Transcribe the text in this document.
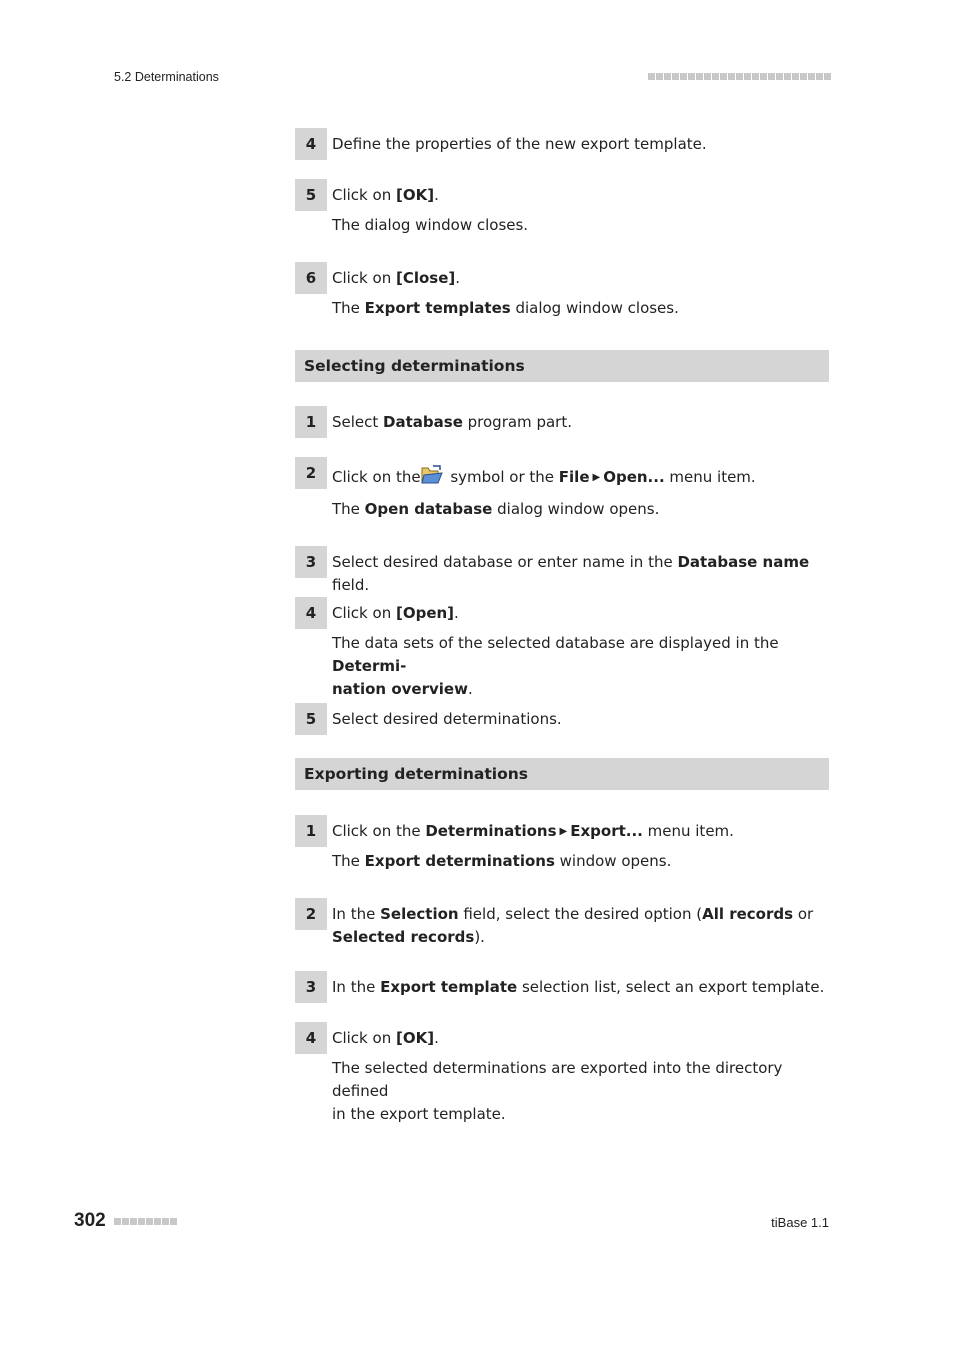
5.2 Determinations
4	Define the properties of the new export template.
5	Click on [OK].
The dialog window closes.
6	Click on [Close].
The Export templates dialog window closes.
Selecting determinations
1	Select Database program part.
2	Click on the symbol or the File ▶ Open... menu item.
The Open database dialog window opens.
3	Select desired database or enter name in the Database name field.
4	Click on [Open].
The data sets of the selected database are displayed in the Determi-
nation overview.
5	Select desired determinations.
Exporting determinations
1	Click on the Determinations ▶ Export... menu item.
The Export determinations window opens.
2	In the Selection field, select the desired option (All records or
Selected records).
3	In the Export template selection list, select an export template.
4	Click on [OK].
The selected determinations are exported into the directory defined
in the export template.
302	tiBase 1.1
